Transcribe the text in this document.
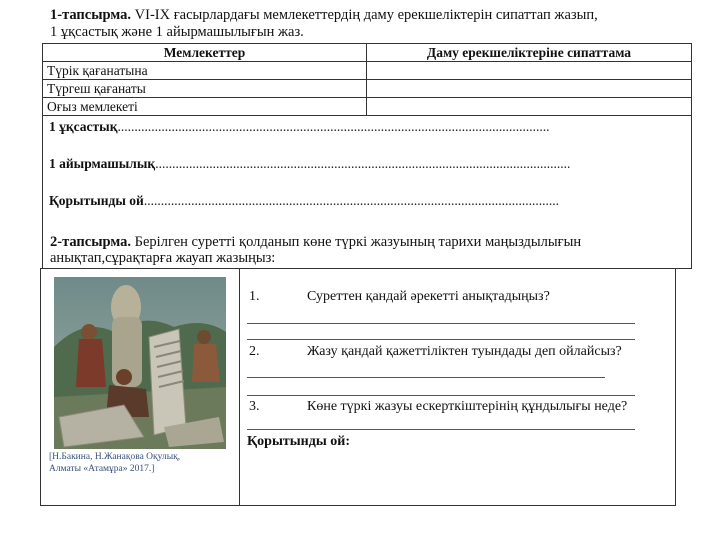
1-тапсырма. VI-IX ғасырлардағы мемлекеттердің даму ерекшеліктерін сипаттап жазып,
1 ұқсастық және 1 айырмашылығын жаз.
Мемлекеттер	Даму ерекшеліктеріне сипаттама
Түрік қағанатына	
Түргеш қағанаты	
Оғыз мемлекеті	

1 ұқсастық................................................................................................................................
1 айырмашылық...........................................................................................................................
Қорытынды ой...........................................................................................................................	
2-тапсырма. Берілген суретті қолданып көне түркі жазуының тарихи маңыздылығын
анықтап,сұрақтарға жауап жазыңыз:
[Н.Бакина, Н.Жанақова Оқулық,
Алматы «Атамұра» 2017.]
1.	Суреттен қандай әрекетті анықтадыңыз?
2.	Жазу қандай қажеттіліктен туындады деп ойлайсыз?
3.	Көне түркі жазуы ескерткіштерінің құндылығы неде?
Қорытынды ой:
